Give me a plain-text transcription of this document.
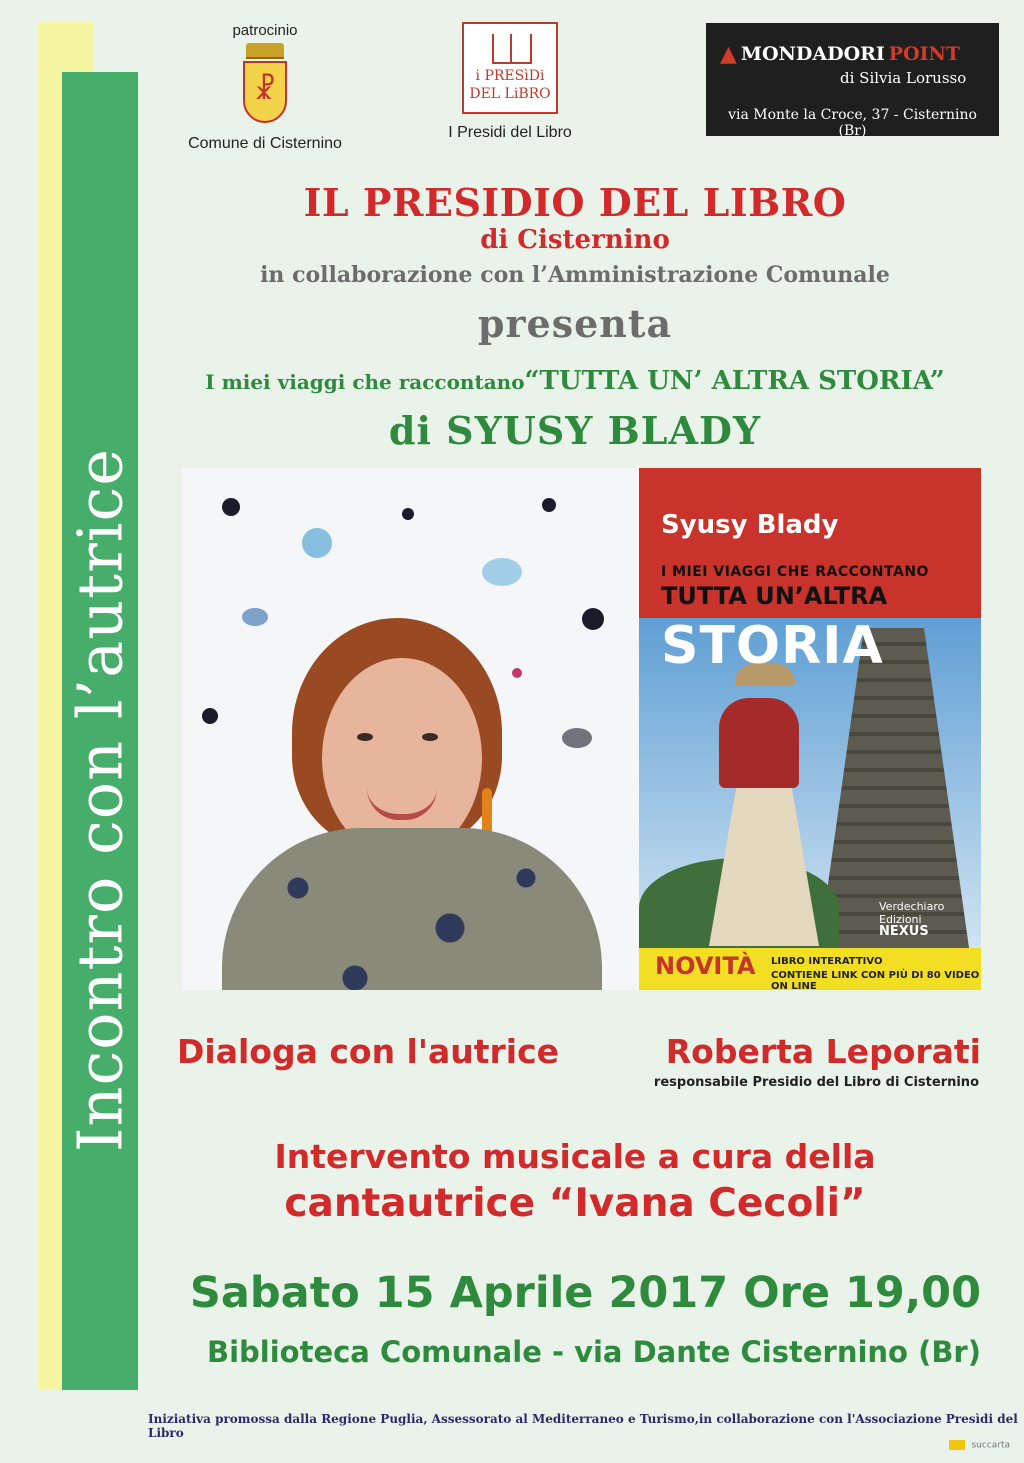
Incontro con l’autrice
patrocinio
☧
Comune di Cisternino
i PRESìDi
DEL LiBRO
I Presidi del Libro
▲ MONDADORI POINT
di Silvia Lorusso
via Monte la Croce, 37 - Cisternino (Br)
IL PRESIDIO DEL LIBRO
di Cisternino
in collaborazione con l’Amministrazione Comunale
presenta
I miei viaggi che raccontano“TUTTA UN’ ALTRA STORIA”
di SYUSY BLADY
Syusy Blady
I MIEI VIAGGI CHE RACCONTANO
TUTTA UN’ALTRA
STORIA
Verdechiaro Edizioni
NEXUS
NOVITÀ LIBRO INTERATTIVO
CONTIENE LINK CON PIÙ DI 80 VIDEO ON LINE
Dialoga con l'autrice	Roberta Leporati
responsabile Presidio del Libro di Cisternino
Intervento musicale a cura della
cantautrice “Ivana Cecoli”
Sabato 15 Aprile 2017 Ore 19,00
Biblioteca Comunale - via Dante Cisternino (Br)
Iniziativa promossa dalla Regione Puglia, Assessorato al Mediterraneo e Turismo,in collaborazione con l'Associazione Presìdi del Libro
succarta
